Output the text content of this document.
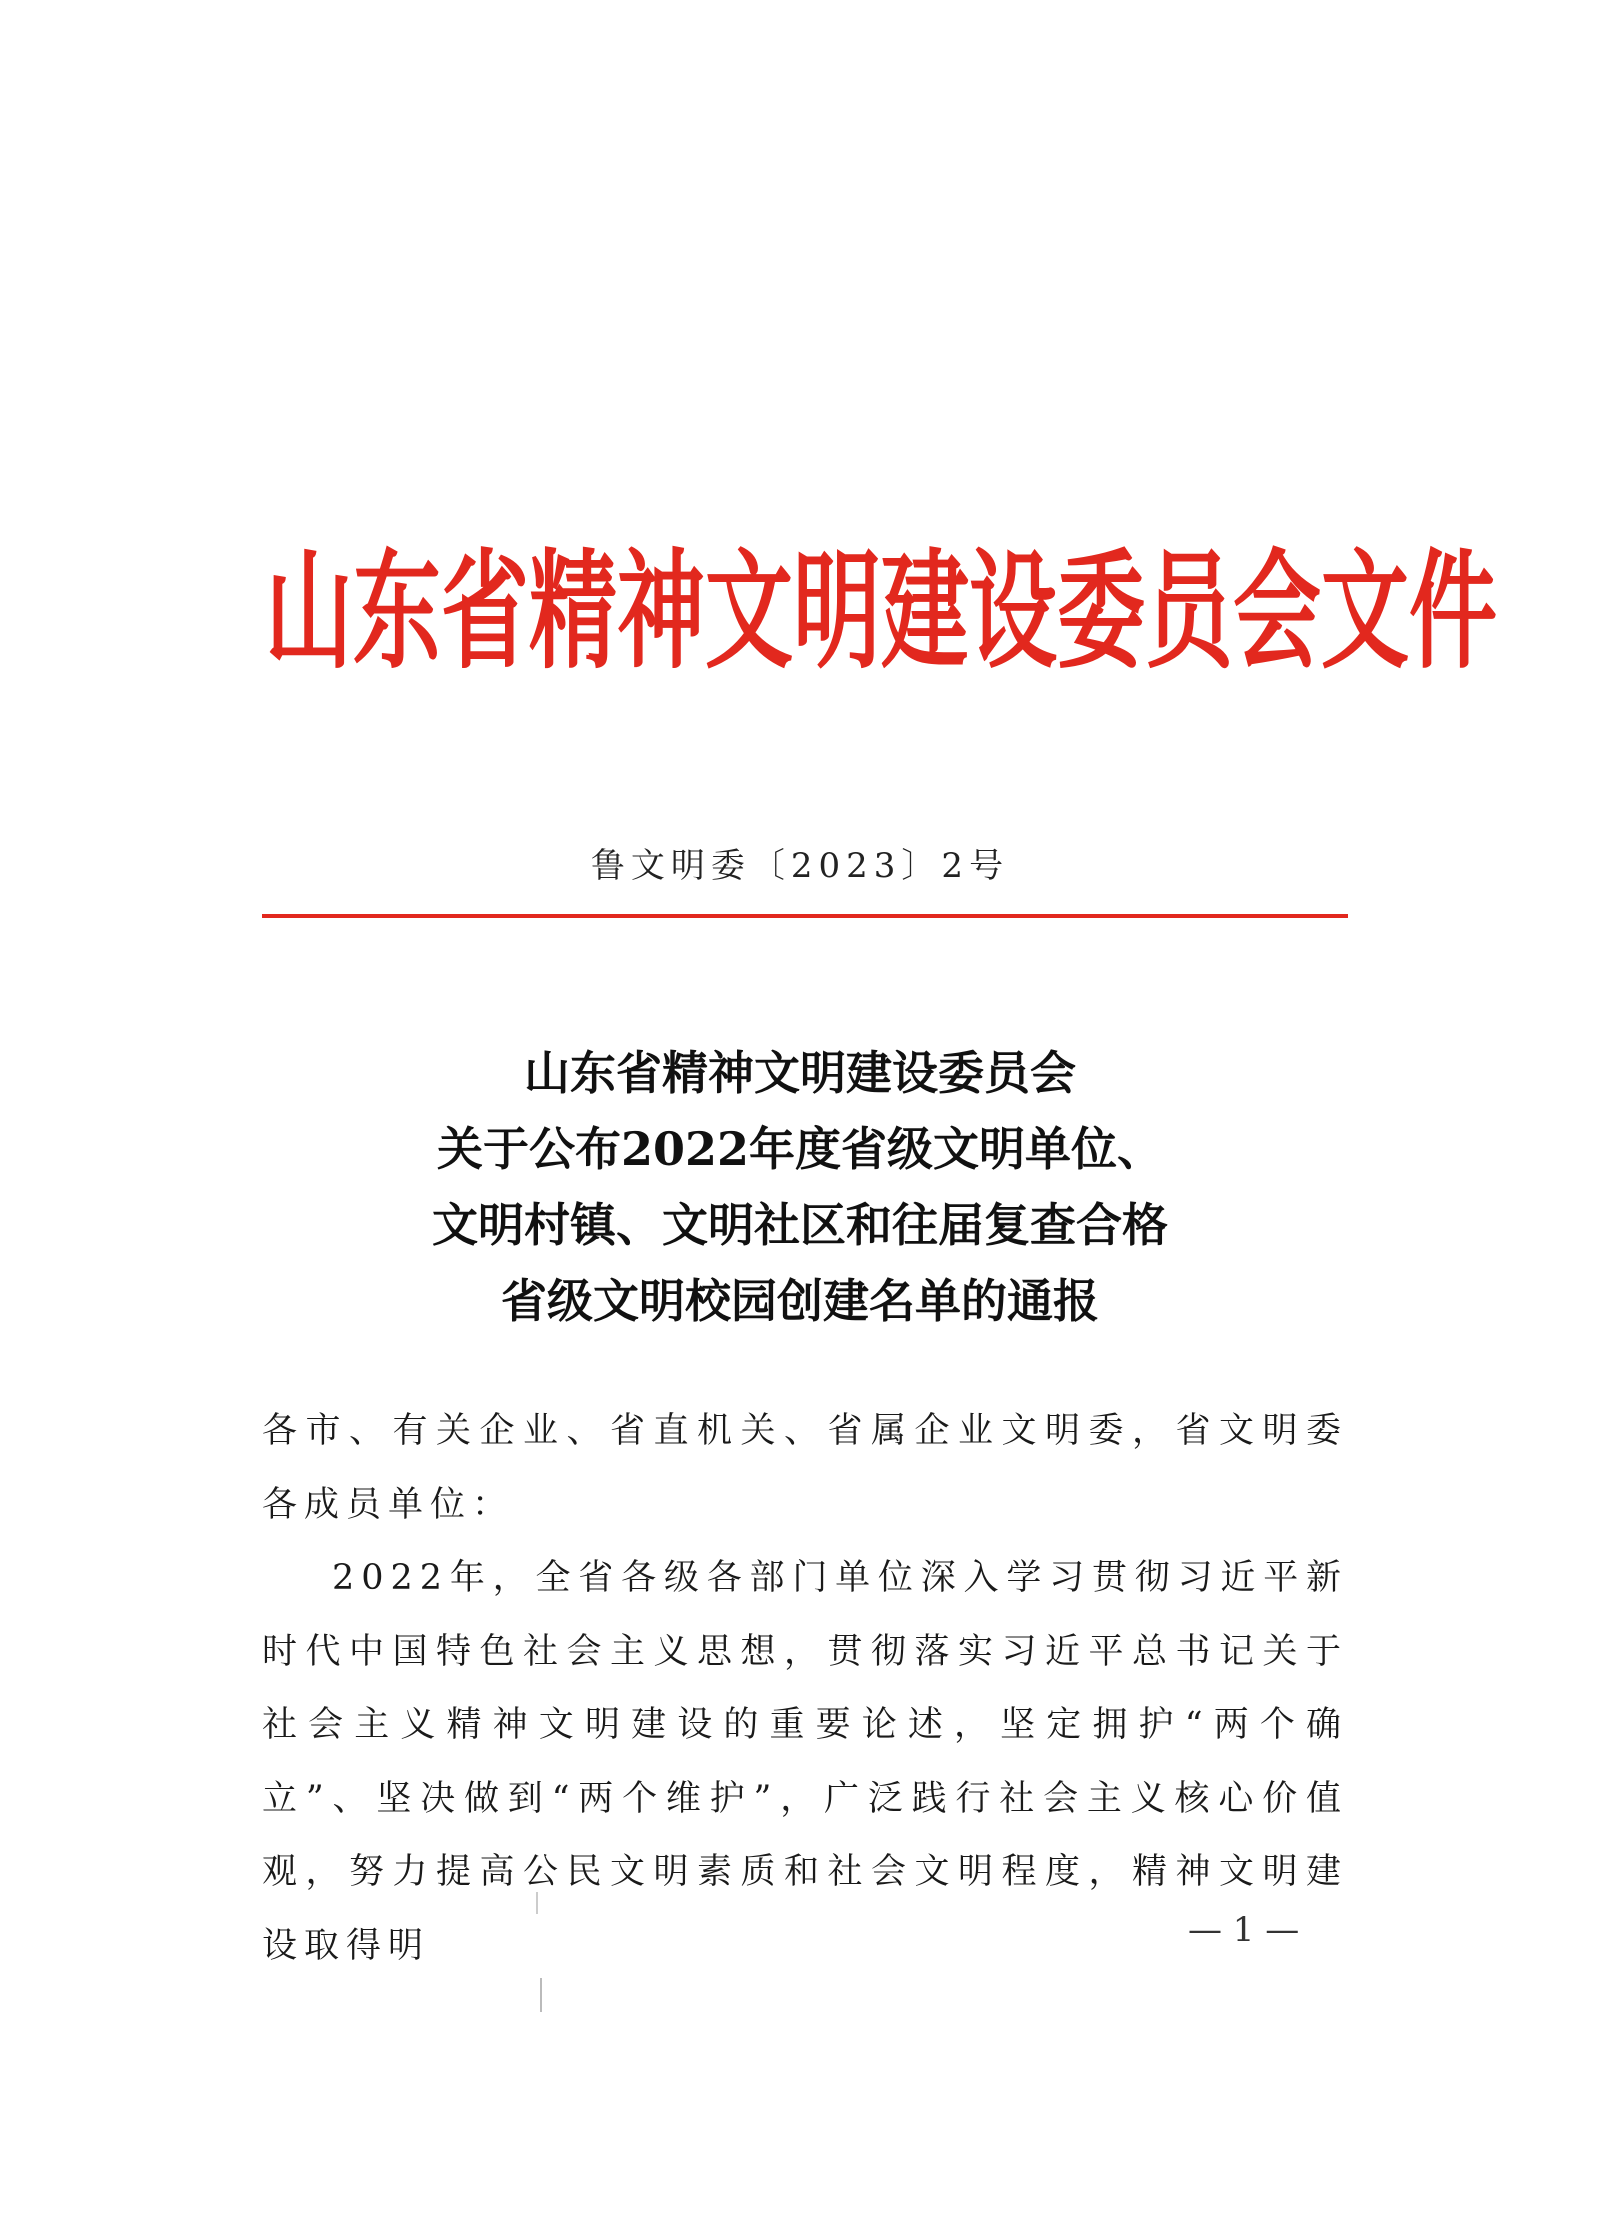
山东省精神文明建设委员会文件
鲁文明委〔2023〕2号
山东省精神文明建设委员会
关于公布2022年度省级文明单位、
文明村镇、文明社区和往届复查合格
省级文明校园创建名单的通报

各市、有关企业、省直机关、省属企业文明委，省文明委各成员单位：

2022年，全省各级各部门单位深入学习贯彻习近平新时代中国特色社会主义思想，贯彻落实习近平总书记关于社会主义精神文明建设的重要论述，坚定拥护“两个确立”、坚决做到“两个维护”，广泛践行社会主义核心价值观，努力提高公民文明素质和社会文明程度，精神文明建设取得明	— 1 —
